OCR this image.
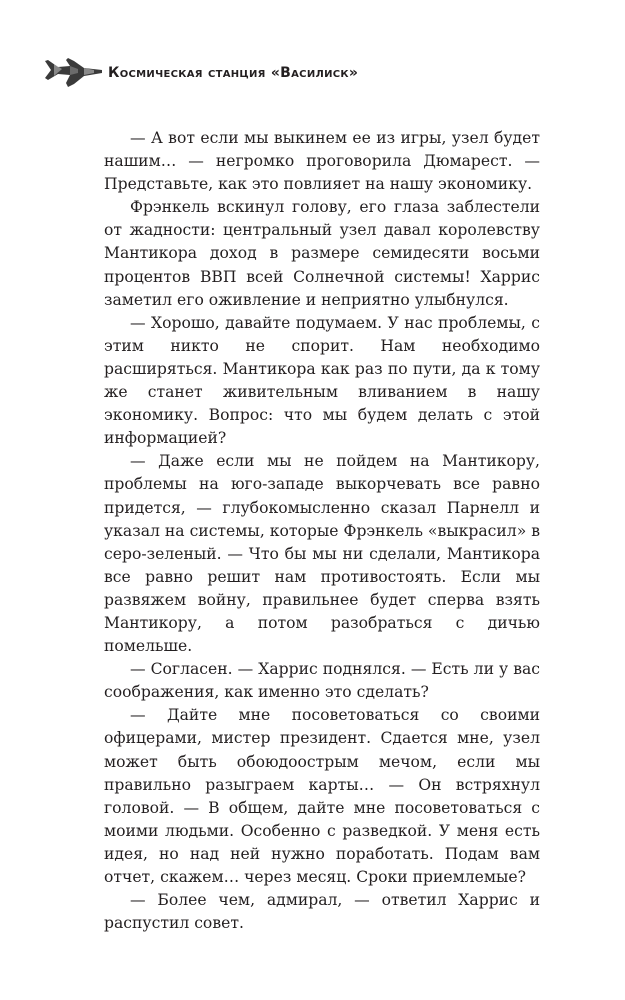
Космическая станция «Василиск»

— А вот если мы выкинем ее из игры, узел будет нашим… — негромко проговорила Дюмарест. — Представьте, как это повлияет на нашу экономику.

Фрэнкель вскинул голову, его глаза заблестели от жадности: центральный узел давал королевству Мантикора доход в размере семидесяти восьми процентов ВВП всей Солнечной системы! Харрис заметил его оживление и неприятно улыбнулся.

— Хорошо, давайте подумаем. У нас проблемы, с этим никто не спорит. Нам необходимо расширяться. Мантикора как раз по пути, да к тому же станет живительным вливанием в нашу экономику. Вопрос: что мы будем делать с этой информацией?

— Даже если мы не пойдем на Мантикору, проблемы на юго-западе выкорчевать все равно придется, — глубокомысленно сказал Парнелл и указал на системы, которые Фрэнкель «выкрасил» в серо-зеленый. — Что бы мы ни сделали, Мантикора все равно решит нам противостоять. Если мы развяжем войну, правильнее будет сперва взять Мантикору, а потом разобраться с дичью помельше.

— Согласен. — Харрис поднялся. — Есть ли у вас соображения, как именно это сделать?

— Дайте мне посоветоваться со своими офицерами, мистер президент. Сдается мне, узел может быть обоюдоострым мечом, если мы правильно разыграем карты… — Он встряхнул головой. — В общем, дайте мне посоветоваться с моими людьми. Особенно с разведкой. У меня есть идея, но над ней нужно поработать. Подам вам отчет, скажем… через месяц. Сроки приемлемые?

— Более чем, адмирал, — ответил Харрис и распустил совет.
